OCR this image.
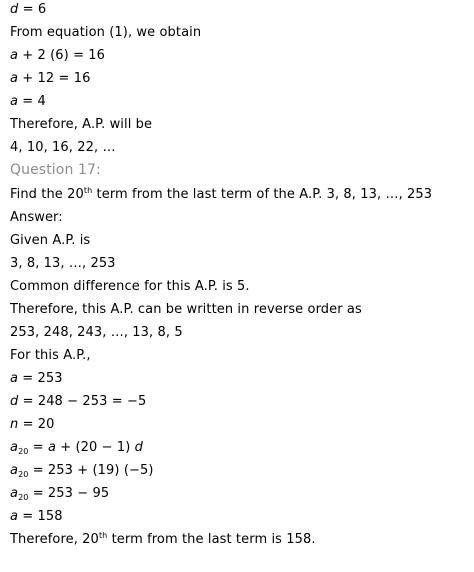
d = 6
From equation (1), we obtain
a + 2 (6) = 16
a + 12 = 16
a = 4
Therefore, A.P. will be
4, 10, 16, 22, …
Question 17:
Find the 20th term from the last term of the A.P. 3, 8, 13, …, 253
Answer:
Given A.P. is
3, 8, 13, …, 253
Common difference for this A.P. is 5.
Therefore, this A.P. can be written in reverse order as
253, 248, 243, …, 13, 8, 5
For this A.P.,
a = 253
d = 248 − 253 = −5
n = 20
$a_{20} = a + (20 - 1)$ d
$a_{20} = 253 + (19)$ (−5)
$a_{20} = 253 - 95$
a = 158
Therefore, 20th term from the last term is 158.
